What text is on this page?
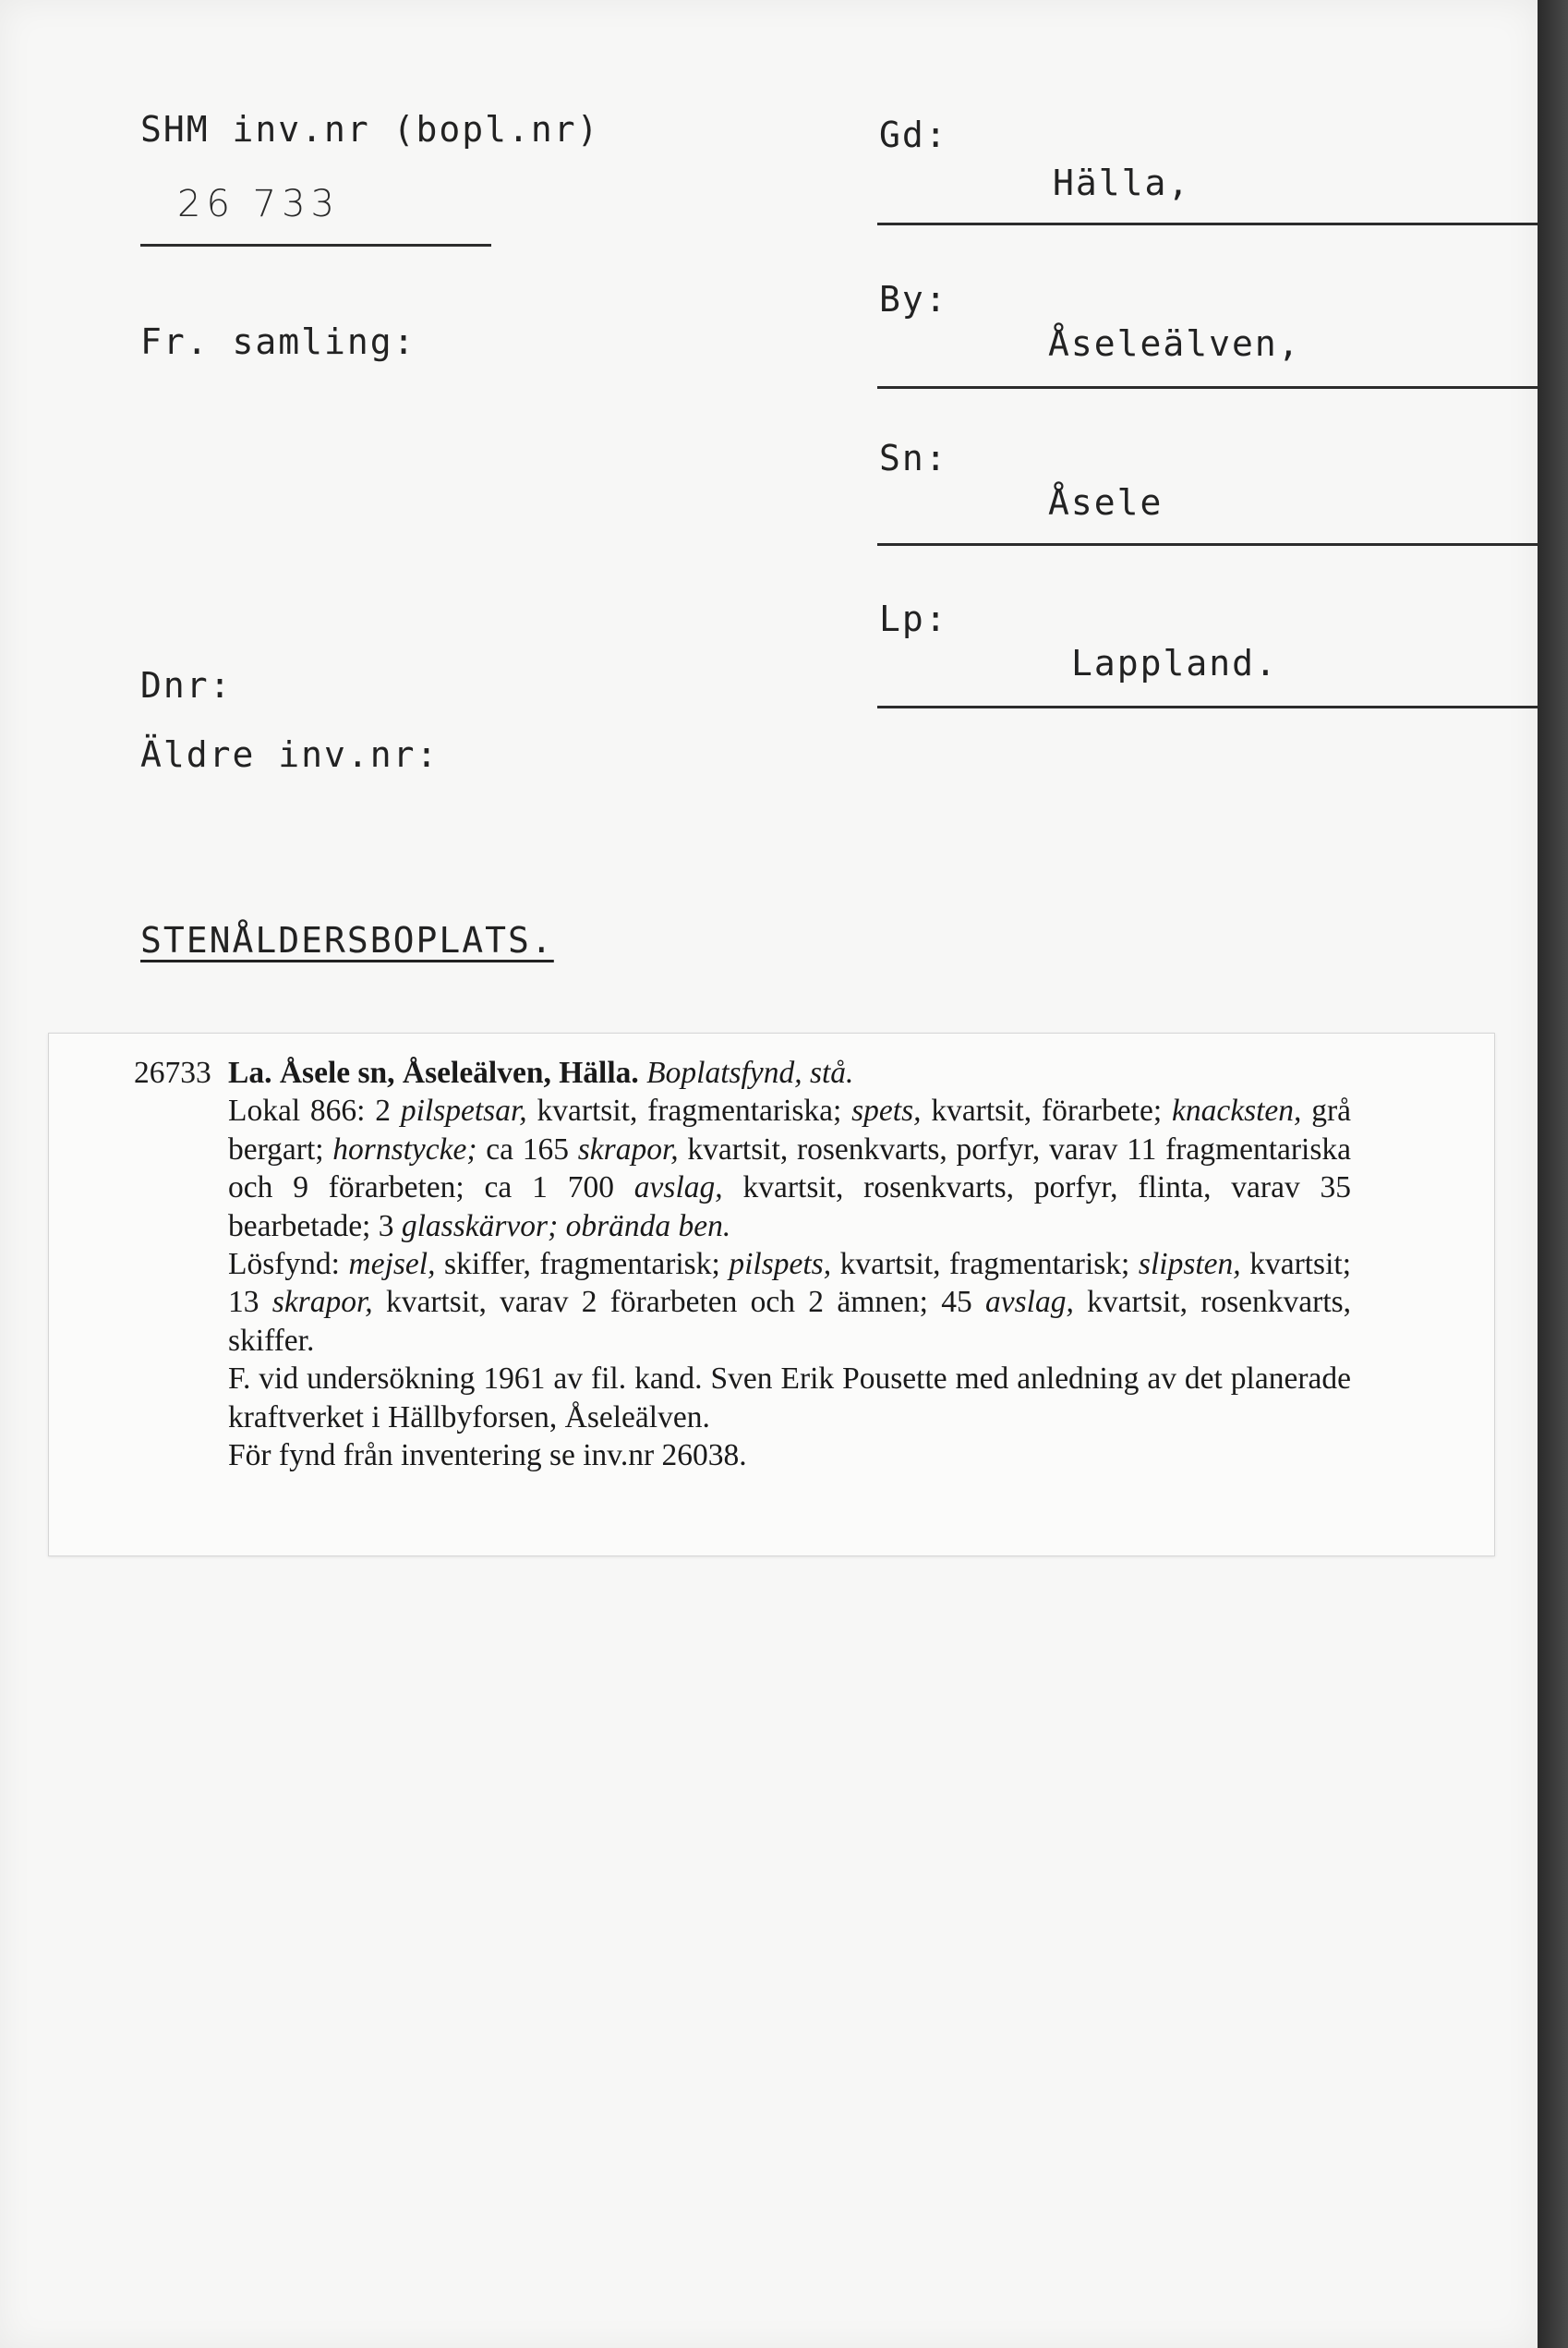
SHM inv.nr (bopl.nr)
26 733
Fr. samling:
Dnr:
Äldre inv.nr:
STENÅLDERSBOPLATS.
Gd:
Hälla,
By:
Åseleälven,
Sn:
Åsele
Lp:
Lappland.

26733 La. Åsele sn, Åseleälven, Hälla. Boplatsfynd, stå.

Lokal 866: 2 pilspetsar, kvartsit, fragmentariska; spets, kvartsit, förarbete; knacksten, grå bergart; hornstycke; ca 165 skrapor, kvartsit, rosenkvarts, porfyr, varav 11 fragmentariska och 9 förarbeten; ca 1 700 avslag, kvartsit, rosenkvarts, porfyr, flinta, varav 35 bearbetade; 3 glasskärvor; obrända ben.

Lösfynd: mejsel, skiffer, fragmentarisk; pilspets, kvartsit, fragmentarisk; slipsten, kvartsit; 13 skrapor, kvartsit, varav 2 förarbeten och 2 ämnen; 45 avslag, kvartsit, rosenkvarts, skiffer.

F. vid undersökning 1961 av fil. kand. Sven Erik Pousette med anledning av det planerade kraftverket i Hällbyforsen, Åseleälven.

För fynd från inventering se inv.nr 26038.
